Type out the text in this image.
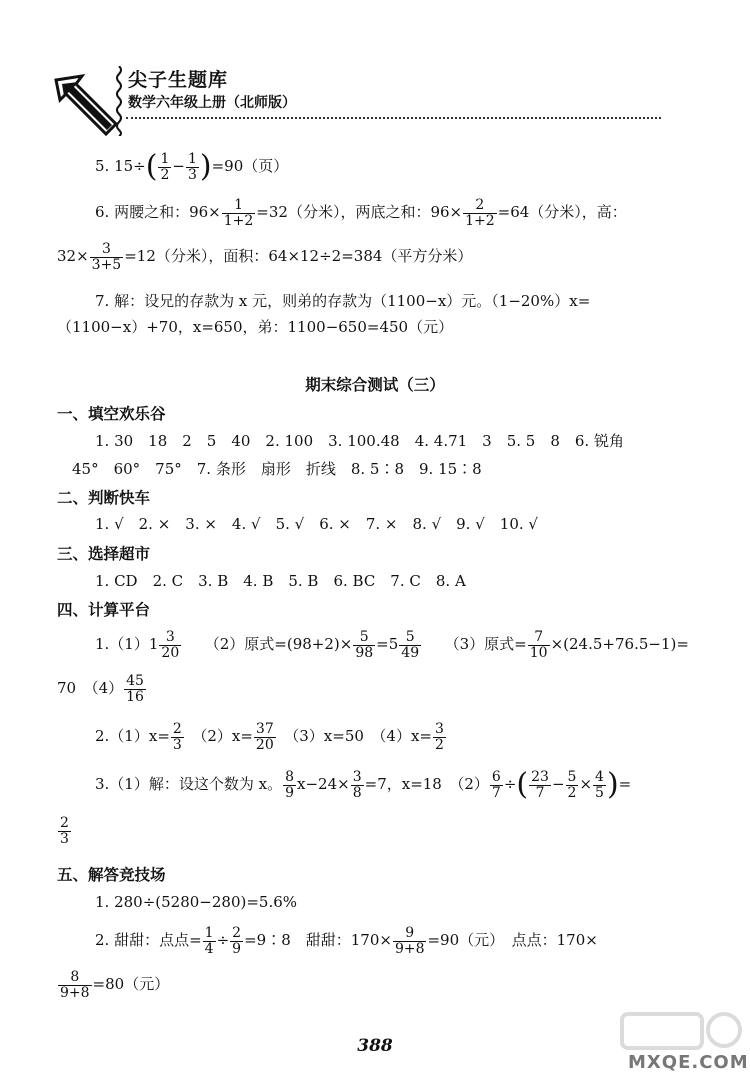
尖子生题库
数学六年级上册（北师版）
5. $15\div( \frac{1}{2} - \frac{1}{3} )=90$（页）
6. 两腰之和：$96\times \frac{1}{1+2} =32$（分米），两底之和：$96\times \frac{2}{1+2} =64$（分米），高：
$32\times \frac{3}{3+5} =12$（分米），面积：64×12÷2=384（平方分米）
7. 解：设兄的存款为 x 元，则弟的存款为（1100−x）元。（1−20%）x=
（1100−x）+70，x=650，弟：1100−650=450（元）
期末综合测试（三）
一、填空欢乐谷
1. 30　18　2　5　40　2. 100　3. 100.48　4. 4.71　3　5. 5　8　6. 锐角
45°　60°　75°　7. 条形　扇形　折线　8. 5∶8　9. 15∶8
二、判断快车
1. √　2. ×　3. ×　4. √　5. √　6. ×　7. ×　8. √　9. √　10. √
三、选择超市
1. CD　2. C　3. B　4. B　5. B　6. BC　7. C　8. A
四、计算平台
$1.(1)1 \frac{3}{20}$
　　 （2）原式$=(98+2)\times \frac{5}{98} =5 \frac{5}{49}$
　　 （3）原式= $\frac{7}{10} \times(24.5+76.5-1)=$
70　$(4) \frac{45}{16}$
$2.(1)x= \frac{2}{3}$
　 $(2)x= \frac{37}{20}$
　 （3）x=50　$(4)x= \frac{3}{2}$
3.（1）解：设这个数为 x。 $\frac{8}{9} x-24\times \frac{3}{8} =7$，x=18　$(2) \frac{6}{7}$ ÷( $\frac{23}{7} - \frac{5}{2} \times \frac{4}{5}$ )=
$\frac{2}{3}$
五、解答竞技场
1. 280÷(5280−280)=5.6%
2. 甜甜：点点= $\frac{1}{4} \div \frac{2}{9}$ =9∶8　甜甜：$170\times \frac{9}{9+8} =90$（元）　点点：170×
$\frac{8}{9+8} =80$（元）
388
MXQE.COM
